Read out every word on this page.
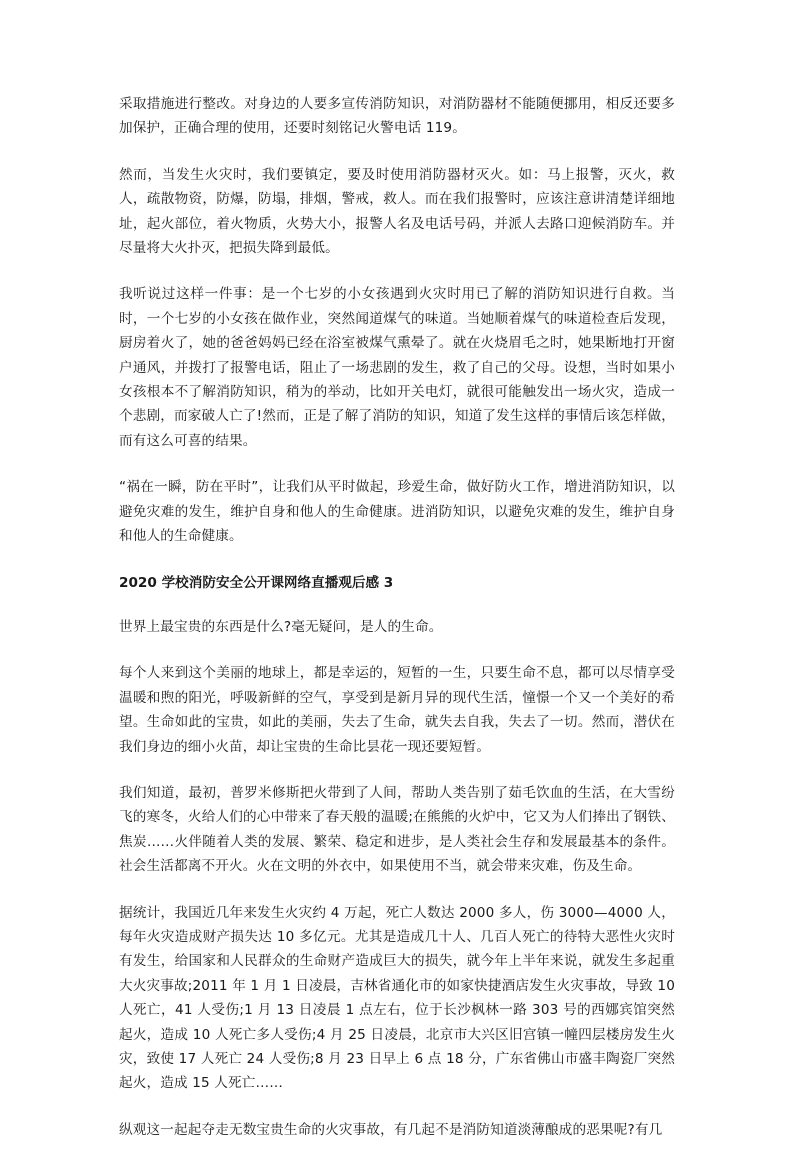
采取措施进行整改。对身边的人要多宣传消防知识，对消防器材不能随便挪用，相反还要多加保护，正确合理的使用，还要时刻铭记火警电话 119。

然而，当发生火灾时，我们要镇定，要及时使用消防器材灭火。如：马上报警，灭火，救人，疏散物资，防爆，防塌，排烟，警戒，救人。而在我们报警时，应该注意讲清楚详细地址，起火部位，着火物质，火势大小，报警人名及电话号码，并派人去路口迎候消防车。并尽量将大火扑灭，把损失降到最低。

我听说过这样一件事：是一个七岁的小女孩遇到火灾时用已了解的消防知识进行自救。当时，一个七岁的小女孩在做作业，突然闻道煤气的味道。当她顺着煤气的味道检查后发现，厨房着火了，她的爸爸妈妈已经在浴室被煤气熏晕了。就在火烧眉毛之时，她果断地打开窗户通风，并拨打了报警电话，阻止了一场悲剧的发生，救了自己的父母。设想，当时如果小女孩根本不了解消防知识，稍为的举动，比如开关电灯，就很可能触发出一场火灾，造成一个悲剧，而家破人亡了!然而，正是了解了消防的知识，知道了发生这样的事情后该怎样做，而有这么可喜的结果。

“祸在一瞬，防在平时”，让我们从平时做起，珍爱生命，做好防火工作，增进消防知识，以避免灾难的发生，维护自身和他人的生命健康。进消防知识，以避免灾难的发生，维护自身和他人的生命健康。

2020 学校消防安全公开课网络直播观后感 3

世界上最宝贵的东西是什么?毫无疑问，是人的生命。

每个人来到这个美丽的地球上，都是幸运的，短暂的一生，只要生命不息，都可以尽情享受温暖和煦的阳光，呼吸新鲜的空气，享受到是新月异的现代生活，憧憬一个又一个美好的希望。生命如此的宝贵，如此的美丽，失去了生命，就失去自我，失去了一切。然而，潜伏在我们身边的细小火苗，却让宝贵的生命比昙花一现还要短暂。

我们知道，最初，普罗米修斯把火带到了人间，帮助人类告别了茹毛饮血的生活，在大雪纷飞的寒冬，火给人们的心中带来了春天般的温暖;在熊熊的火炉中，它又为人们捧出了钢铁、焦炭……火伴随着人类的发展、繁荣、稳定和进步，是人类社会生存和发展最基本的条件。社会生活都离不开火。火在文明的外衣中，如果使用不当，就会带来灾难，伤及生命。

据统计，我国近几年来发生火灾约 4 万起，死亡人数达 2000 多人，伤 3000—4000 人，每年火灾造成财产损失达 10 多亿元。尤其是造成几十人、几百人死亡的待特大恶性火灾时有发生，给国家和人民群众的生命财产造成巨大的损失，就今年上半年来说，就发生多起重大火灾事故;2011 年 1 月 1 日凌晨，吉林省通化市的如家快捷酒店发生火灾事故，导致 10 人死亡，41 人受伤;1 月 13 日凌晨 1 点左右，位于长沙枫林一路 303 号的西娜宾馆突然起火，造成 10 人死亡多人受伤;4 月 25 日凌晨，北京市大兴区旧宫镇一幢四层楼房发生火灾，致使 17 人死亡 24 人受伤;8 月 23 日早上 6 点 18 分，广东省佛山市盛丰陶瓷厂突然起火，造成 15 人死亡……

纵观这一起起夺走无数宝贵生命的火灾事故，有几起不是消防知道淡薄酿成的恶果呢?有几
